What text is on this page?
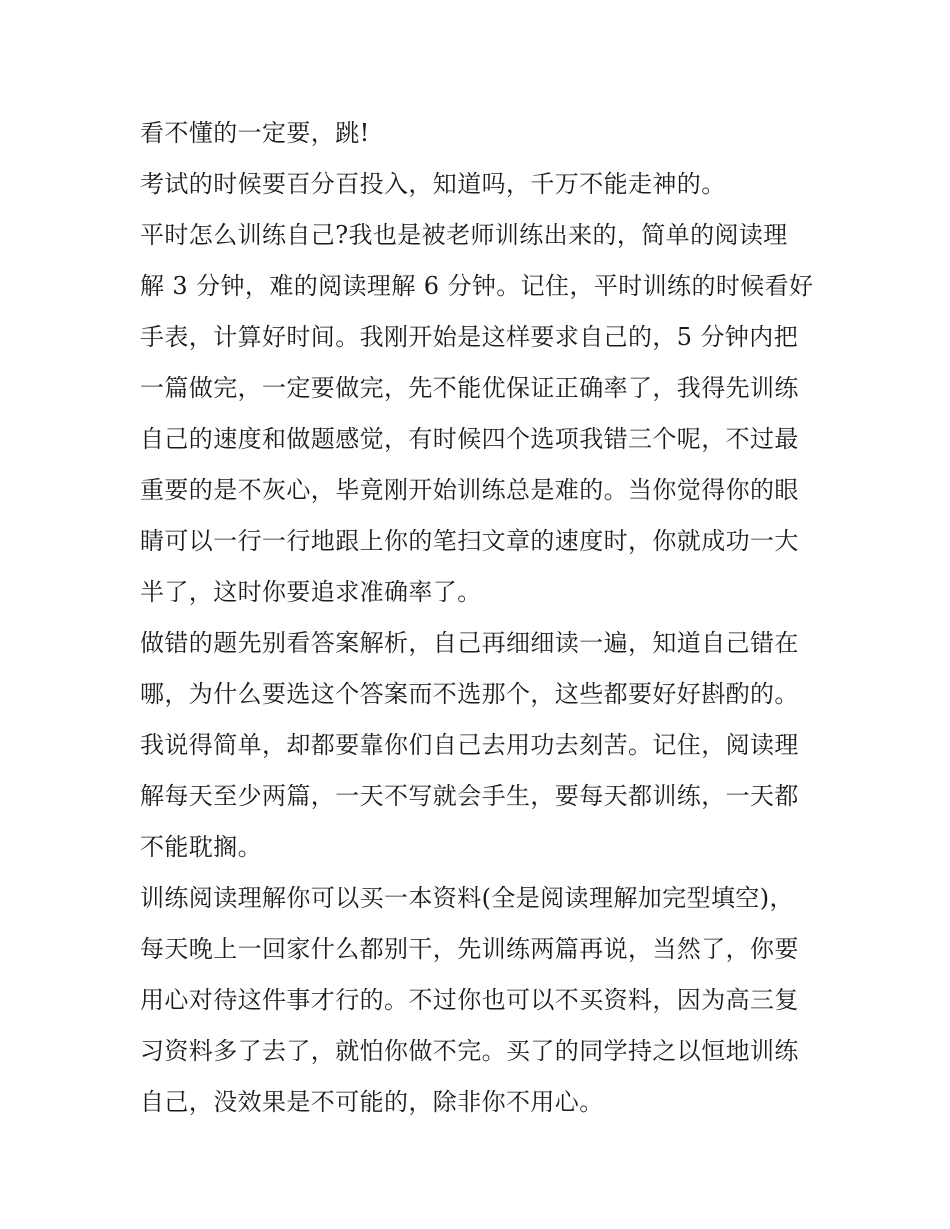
看不懂的一定要，跳!
考试的时候要百分百投入，知道吗，千万不能走神的。
平时怎么训练自己?我也是被老师训练出来的，简单的阅读理
解 3 分钟，难的阅读理解 6 分钟。记住，平时训练的时候看好
手表，计算好时间。我刚开始是这样要求自己的，5 分钟内把
一篇做完，一定要做完，先不能优保证正确率了，我得先训练
自己的速度和做题感觉，有时候四个选项我错三个呢，不过最
重要的是不灰心，毕竟刚开始训练总是难的。当你觉得你的眼
睛可以一行一行地跟上你的笔扫文章的速度时，你就成功一大
半了，这时你要追求准确率了。
做错的题先别看答案解析，自己再细细读一遍，知道自己错在
哪，为什么要选这个答案而不选那个，这些都要好好斟酌的。
我说得简单，却都要靠你们自己去用功去刻苦。记住，阅读理
解每天至少两篇，一天不写就会手生，要每天都训练，一天都
不能耽搁。
训练阅读理解你可以买一本资料(全是阅读理解加完型填空)，
每天晚上一回家什么都别干，先训练两篇再说，当然了，你要
用心对待这件事才行的。不过你也可以不买资料，因为高三复
习资料多了去了，就怕你做不完。买了的同学持之以恒地训练
自己，没效果是不可能的，除非你不用心。
